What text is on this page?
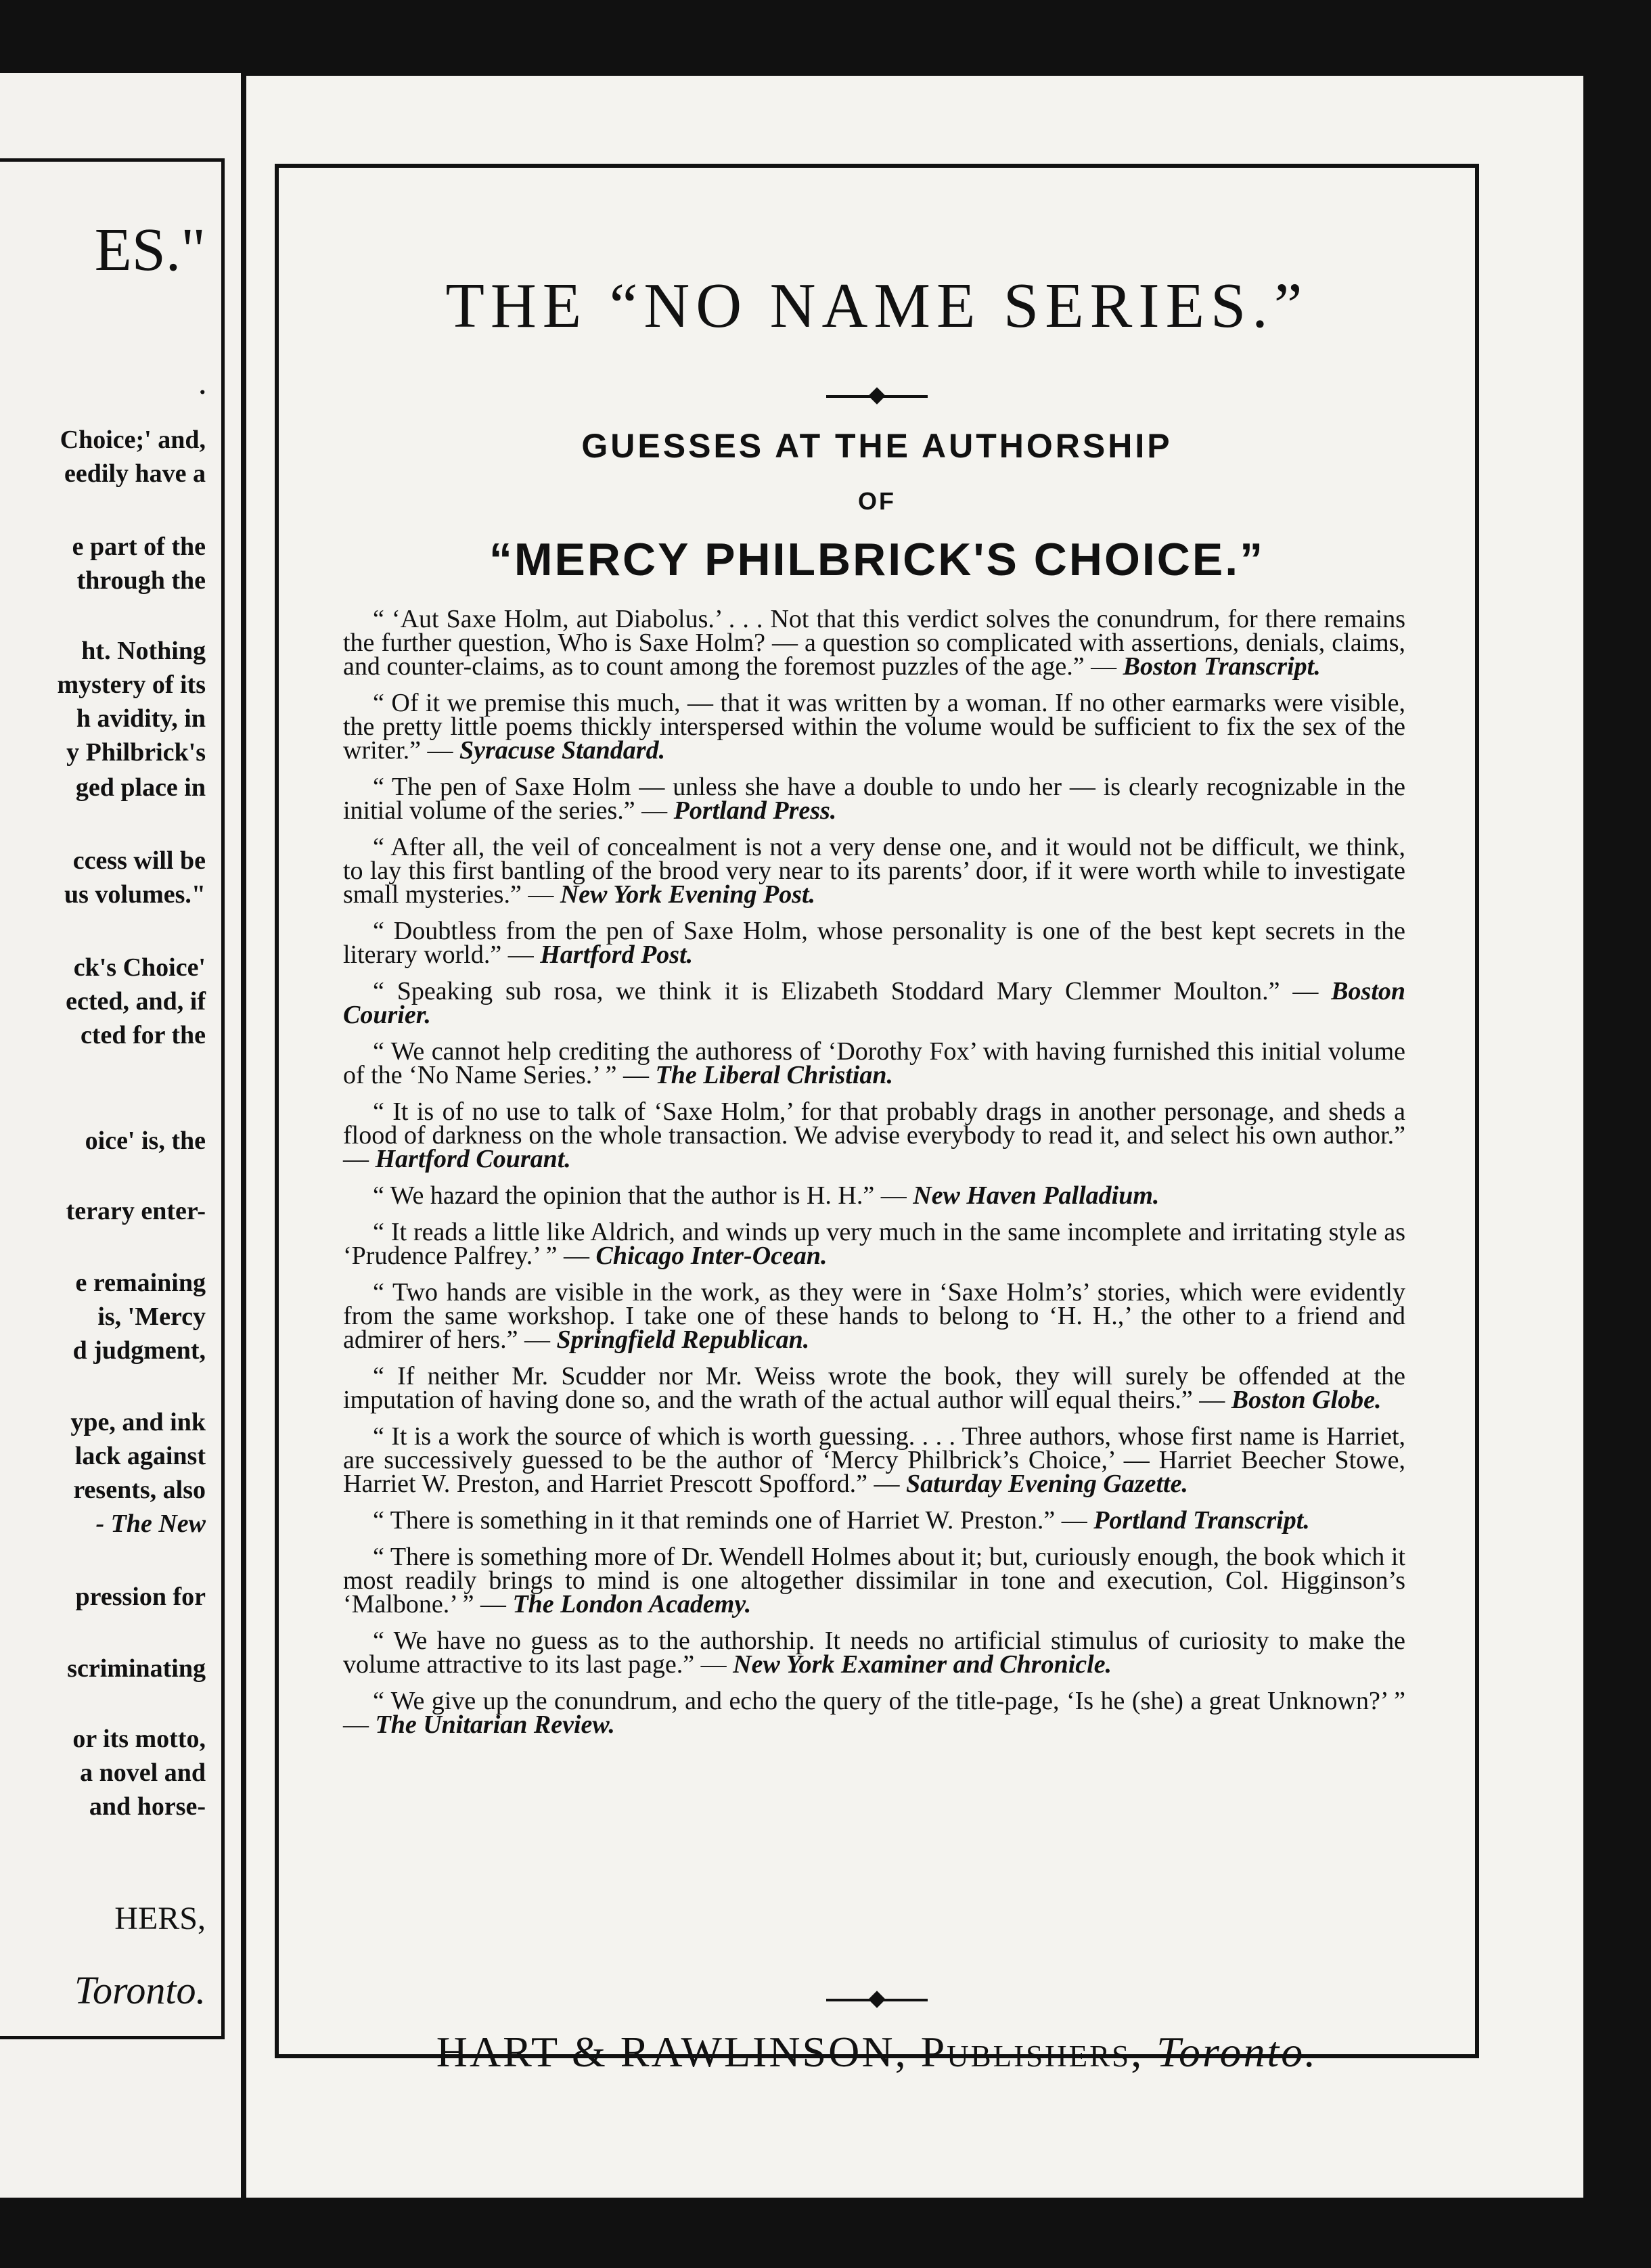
ES."
.
Choice;' and,
eedily have a
e part of the
through the
ht. Nothing
mystery of its
h avidity, in
y Philbrick's
ged place in
ccess will be
us volumes."
ck's Choice'
ected, and, if
cted for the
oice' is, the
terary enter-
e remaining
is, 'Mercy
d judgment,
ype, and ink
lack against
resents, also
- The New
pression for
scriminating
or its motto,
a novel and
and horse-
HERS,
Toronto.
THE “NO NAME SERIES.”
GUESSES AT THE AUTHORSHIP
OF
“MERCY PHILBRICK'S CHOICE.”

“ ‘Aut Saxe Holm, aut Diabolus.’ . . . Not that this verdict solves the conundrum, for there remains the further question, Who is Saxe Holm? — a question so complicated with assertions, denials, claims, and counter-claims, as to count among the foremost puzzles of the age.” — Boston Transcript.

“ Of it we premise this much, — that it was written by a woman. If no other earmarks were visible, the pretty little poems thickly interspersed within the volume would be sufficient to fix the sex of the writer.” — Syracuse Standard.

“ The pen of Saxe Holm — unless she have a double to undo her — is clearly recognizable in the initial volume of the series.” — Portland Press.

“ After all, the veil of concealment is not a very dense one, and it would not be difficult, we think, to lay this first bantling of the brood very near to its parents’ door, if it were worth while to investigate small mysteries.” — New York Evening Post.

“ Doubtless from the pen of Saxe Holm, whose personality is one of the best kept secrets in the literary world.” — Hartford Post.

“ Speaking sub rosa, we think it is Elizabeth Stoddard Mary Clemmer Moulton.” — Boston Courier.

“ We cannot help crediting the authoress of ‘Dorothy Fox’ with having furnished this initial volume of the ‘No Name Series.’ ” — The Liberal Christian.

“ It is of no use to talk of ‘Saxe Holm,’ for that probably drags in another personage, and sheds a flood of darkness on the whole transaction. We advise everybody to read it, and select his own author.” — Hartford Courant.

“ We hazard the opinion that the author is H. H.” — New Haven Palladium.

“ It reads a little like Aldrich, and winds up very much in the same incomplete and irritating style as ‘Prudence Palfrey.’ ” — Chicago Inter-Ocean.

“ Two hands are visible in the work, as they were in ‘Saxe Holm’s’ stories, which were evidently from the same workshop. I take one of these hands to belong to ‘H. H.,’ the other to a friend and admirer of hers.” — Springfield Republican.

“ If neither Mr. Scudder nor Mr. Weiss wrote the book, they will surely be offended at the imputation of having done so, and the wrath of the actual author will equal theirs.” — Boston Globe.

“ It is a work the source of which is worth guessing. . . . Three authors, whose first name is Harriet, are successively guessed to be the author of ‘Mercy Philbrick’s Choice,’ — Harriet Beecher Stowe, Harriet W. Preston, and Harriet Prescott Spofford.” — Saturday Evening Gazette.

“ There is something in it that reminds one of Harriet W. Preston.” — Portland Transcript.

“ There is something more of Dr. Wendell Holmes about it; but, curiously enough, the book which it most readily brings to mind is one altogether dissimilar in tone and execution, Col. Higginson’s ‘Malbone.’ ” — The London Academy.

“ We have no guess as to the authorship. It needs no artificial stimulus of curiosity to make the volume attractive to its last page.” — New York Examiner and Chronicle.

“ We give up the conundrum, and echo the query of the title-page, ‘Is he (she) a great Unknown?’ ” — The Unitarian Review.

HART & RAWLINSON, Publishers, Toronto.
